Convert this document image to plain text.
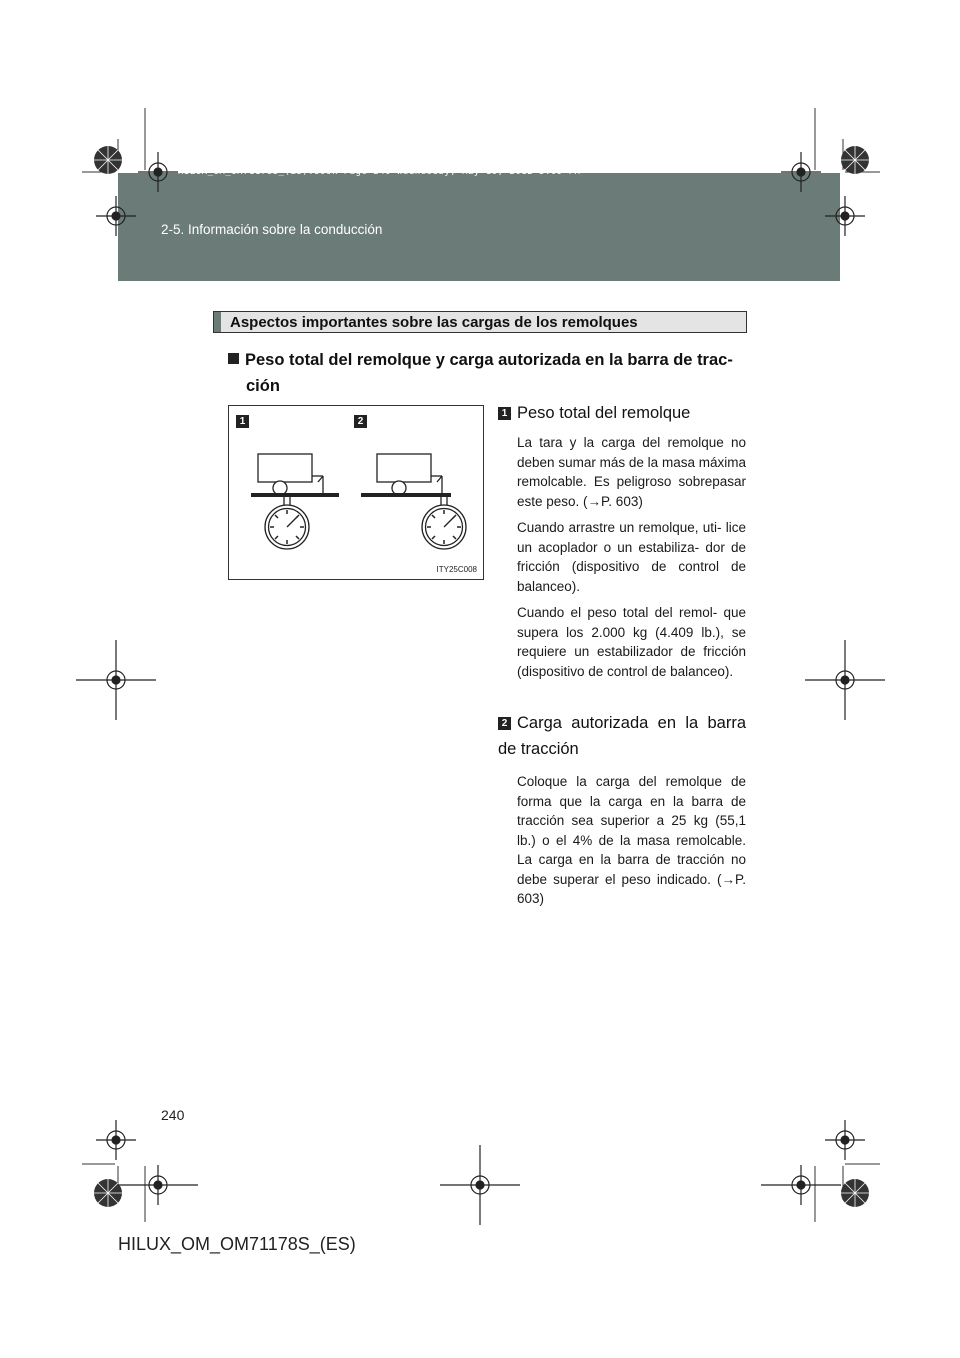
HILUX_OM_OM71178S_(ES).book Page 240 Wednesday, May 16, 2012 3:09 PM
2-5. Información sobre la conducción
Aspectos importantes sobre las cargas de los remolques
Peso total del remolque y carga autorizada en la barra de trac-
ción
1	2
ITY25C008
1 Peso total del remolque

La tara y la carga del remolque no deben sumar más de la masa máxima remolcable. Es peligroso sobrepasar este peso. (→P. 603)

Cuando arrastre un remolque, uti- lice un acoplador o un estabiliza- dor de fricción (dispositivo de control de balanceo).

Cuando el peso total del remol- que supera los 2.000 kg (4.409 lb.), se requiere un estabilizador de fricción (dispositivo de control de balanceo).

2 Carga autorizada en la barra de tracción

Coloque la carga del remolque de forma que la carga en la barra de tracción sea superior a 25 kg (55,1 lb.) o el 4% de la masa remolcable. La carga en la barra de tracción no debe superar el peso indicado. (→P. 603)

240
HILUX_OM_OM71178S_(ES)
